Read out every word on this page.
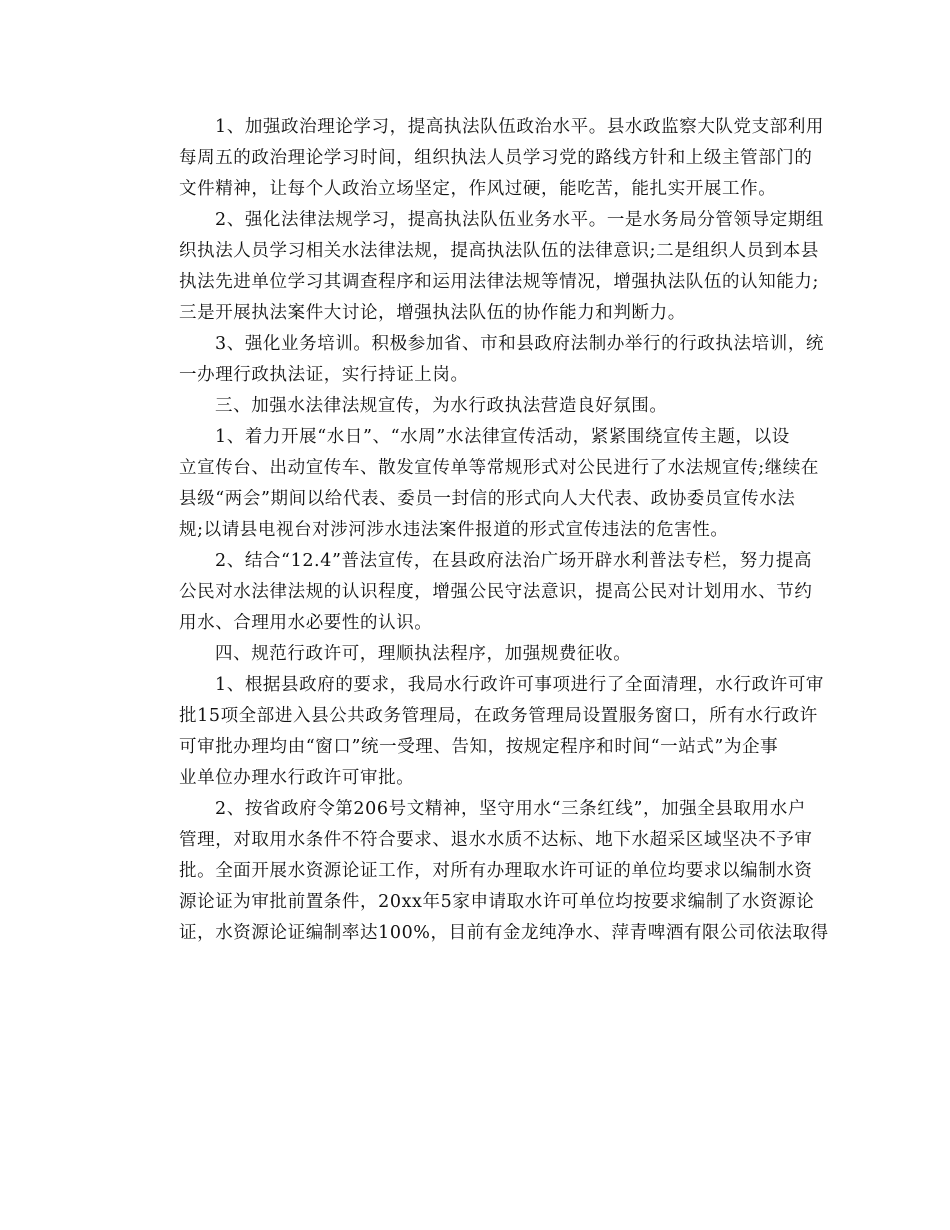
1、加强政治理论学习，提高执法队伍政治水平。县水政监察大队党支部利用
每周五的政治理论学习时间，组织执法人员学习党的路线方针和上级主管部门的
文件精神，让每个人政治立场坚定，作风过硬，能吃苦，能扎实开展工作。

2、强化法律法规学习，提高执法队伍业务水平。一是水务局分管领导定期组
织执法人员学习相关水法律法规，提高执法队伍的法律意识;二是组织人员到本县
执法先进单位学习其调查程序和运用法律法规等情况，增强执法队伍的认知能力;
三是开展执法案件大讨论，增强执法队伍的协作能力和判断力。

3、强化业务培训。积极参加省、市和县政府法制办举行的行政执法培训，统
一办理行政执法证，实行持证上岗。

三、加强水法律法规宣传，为水行政执法营造良好氛围。

1、着力开展“水日”、“水周”水法律宣传活动，紧紧围绕宣传主题，以设
立宣传台、出动宣传车、散发宣传单等常规形式对公民进行了水法规宣传;继续在
县级“两会”期间以给代表、委员一封信的形式向人大代表、政协委员宣传水法
规;以请县电视台对涉河涉水违法案件报道的形式宣传违法的危害性。

2、结合“12.4”普法宣传，在县政府法治广场开辟水利普法专栏，努力提高
公民对水法律法规的认识程度，增强公民守法意识，提高公民对计划用水、节约
用水、合理用水必要性的认识。

四、规范行政许可，理顺执法程序，加强规费征收。

1、根据县政府的要求，我局水行政许可事项进行了全面清理，水行政许可审
批15项全部进入县公共政务管理局，在政务管理局设置服务窗口，所有水行政许
可审批办理均由“窗口”统一受理、告知，按规定程序和时间“一站式”为企事
业单位办理水行政许可审批。

2、按省政府令第206号文精神，坚守用水“三条红线”，加强全县取用水户
管理，对取用水条件不符合要求、退水水质不达标、地下水超采区域坚决不予审
批。全面开展水资源论证工作，对所有办理取水许可证的单位均要求以编制水资
源论证为审批前置条件，20xx年5家申请取水许可单位均按要求编制了水资源论
证，水资源论证编制率达100%，目前有金龙纯净水、萍青啤酒有限公司依法取得
